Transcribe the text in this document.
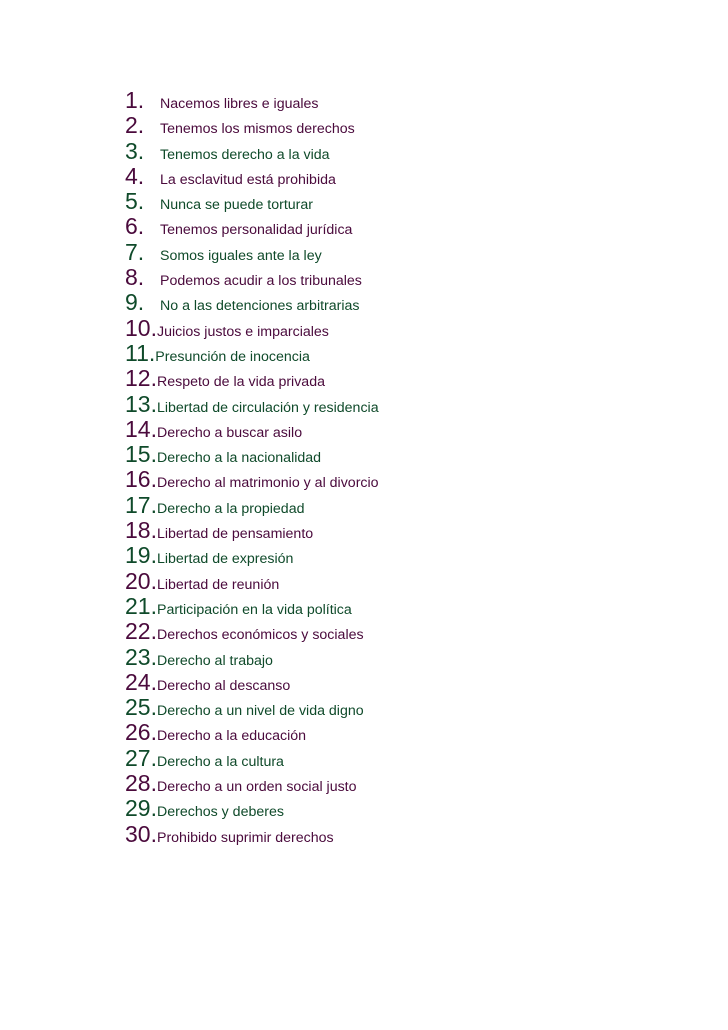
1.	Nacemos libres e iguales
2.	Tenemos los mismos derechos
3.	Tenemos derecho a la vida
4.	La esclavitud está prohibida
5.	Nunca se puede torturar
6.	Tenemos personalidad jurídica
7.	Somos iguales ante la ley
8.	Podemos acudir a los tribunales
9.	No a las detenciones arbitrarias
10. Juicios justos e imparciales
11. Presunción de inocencia
12. Respeto de la vida privada
13. Libertad de circulación y residencia
14. Derecho a buscar asilo
15. Derecho a la nacionalidad
16. Derecho al matrimonio y al divorcio
17. Derecho a la propiedad
18. Libertad de pensamiento
19. Libertad de expresión
20. Libertad de reunión
21. Participación en la vida política
22. Derechos económicos y sociales
23. Derecho al trabajo
24. Derecho al descanso
25. Derecho a un nivel de vida digno
26. Derecho a la educación
27. Derecho a la cultura
28. Derecho a un orden social justo
29. Derechos y deberes
30. Prohibido suprimir derechos
